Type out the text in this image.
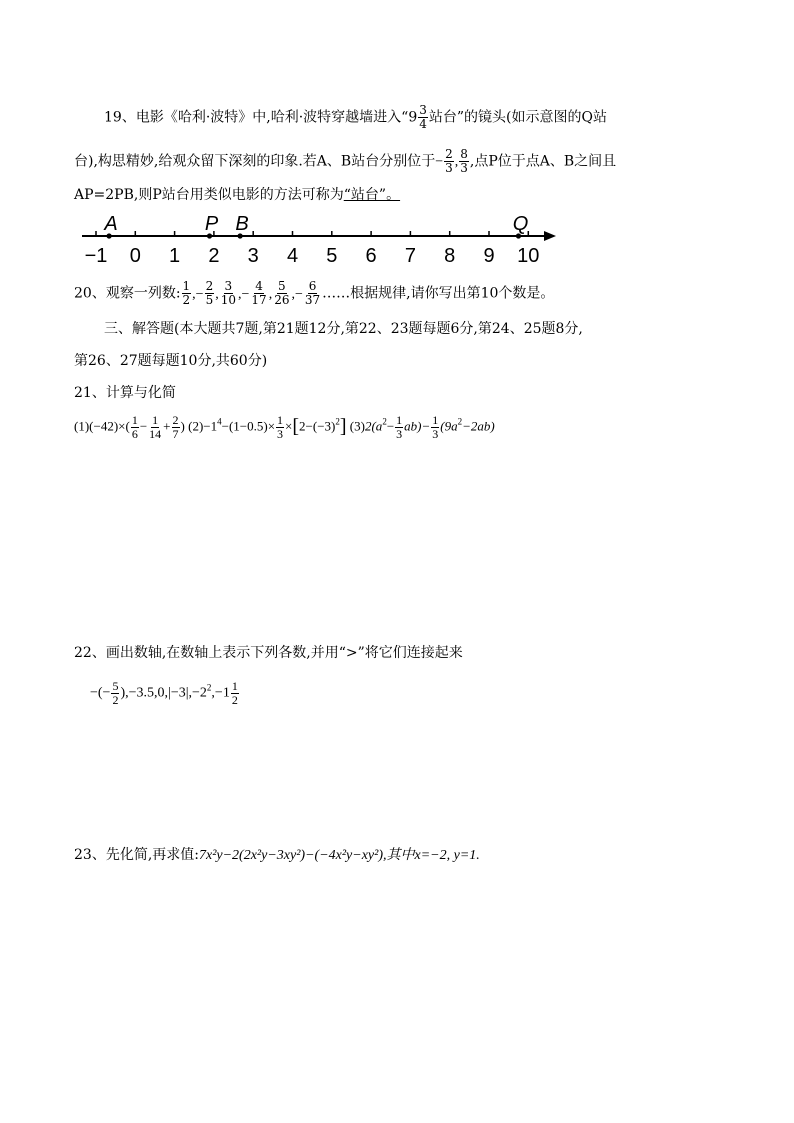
19、电影《哈利·波特》中,哈利·波特穿越墙进入“$9 \frac{3}{4}$ 站台”的镜头(如示意图的Q站
台),构思精妙,给观众留下深刻的印象.若A、B站台分别位于− $\frac{2}{3}$ , $\frac{8}{3}$ ,点P位于点A、B之间且
AP=2PB,则P站台用类似电影的方法可称为“站台”。
−1 0 1 2 3 4 5 6 7 8 9 10
A	P B	Q
20、观察一列数: $\frac{1}{2}$ ,− $\frac{2}{5}$ , $\frac{3}{10}$ ,− $\frac{4}{17}$ , $\frac{5}{26}$ ,− $\frac{6}{37}$ ……根据规律,请你写出第10个数是。
三、解答题(本大题共7题,第21题12分,第22、23题每题6分,第24、25题8分,
第26、27题每题10分,共60分)
21、计算与化简
$(1)(-42)\times( \frac{1}{6} - \frac{1}{14} + \frac{2}{7}$ ) $(2)-1^4-(1-0.5)\times \frac{1}{3} \times[2-(-3)^2]$ $(3)2(a^2- \frac{1}{3} ab)- \frac{1}{3} (9a^2-2ab)$
22、画出数轴,在数轴上表示下列各数,并用“>”将它们连接起来
−(− $\frac{5}{2} ),-3.5,0,|-3|,-2^2,-1 \frac{1}{2}$
23、先化简,再求值:7x²y−2(2x²y−3xy²)−(−4x²y−xy²),其中x=−2, y=1.
